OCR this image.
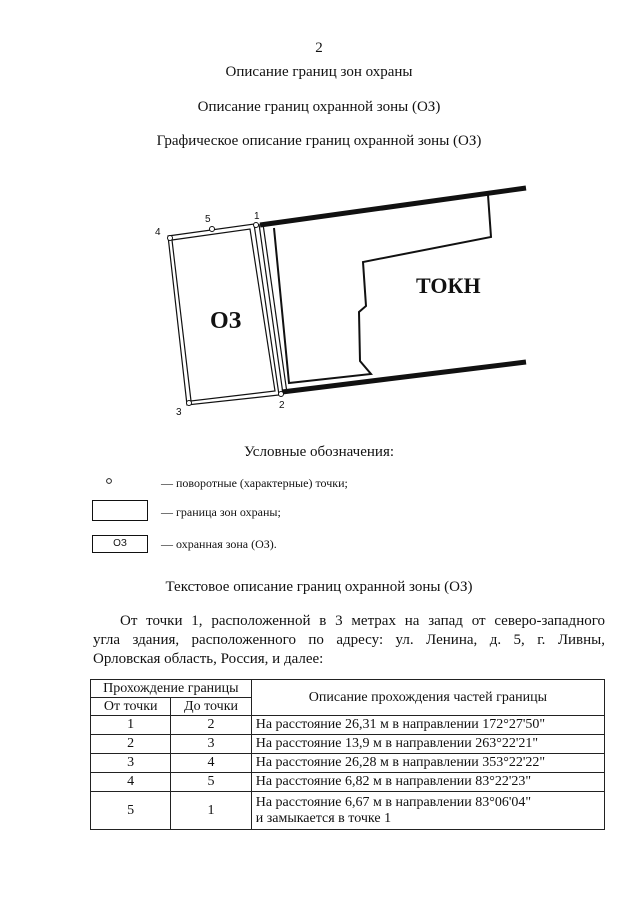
2
Описание границ зон охраны
Описание границ охранной зоны (ОЗ)
Графическое описание границ охранной зоны (ОЗ)
1
2
3
4
5
ОЗ
ТОКН
Условные обозначения:
— поворотные (характерные) точки;
— граница зон охраны;
ОЗ	— охранная зона (ОЗ).
Текстовое описание границ охранной зоны (ОЗ)
От точки 1, расположенной в 3 метрах на запад от северо-западного
угла здания, расположенного по адресу: ул. Ленина, д. 5, г. Ливны,
Орловская область, Россия, и далее:
Прохождение границы		Описание прохождения частей границы
От точки	До точки	
1	2	На расстояние 26,31 м в направлении 172°27'50"
2	3	На расстояние 13,9 м в направлении 263°22'21"
3	4	На расстояние 26,28 м в направлении 353°22'22"
4	5	На расстояние 6,82 м в направлении 83°22'23"
5	1	На расстояние 6,67 м в направлении 83°06'04"
и замыкается в точке 1
